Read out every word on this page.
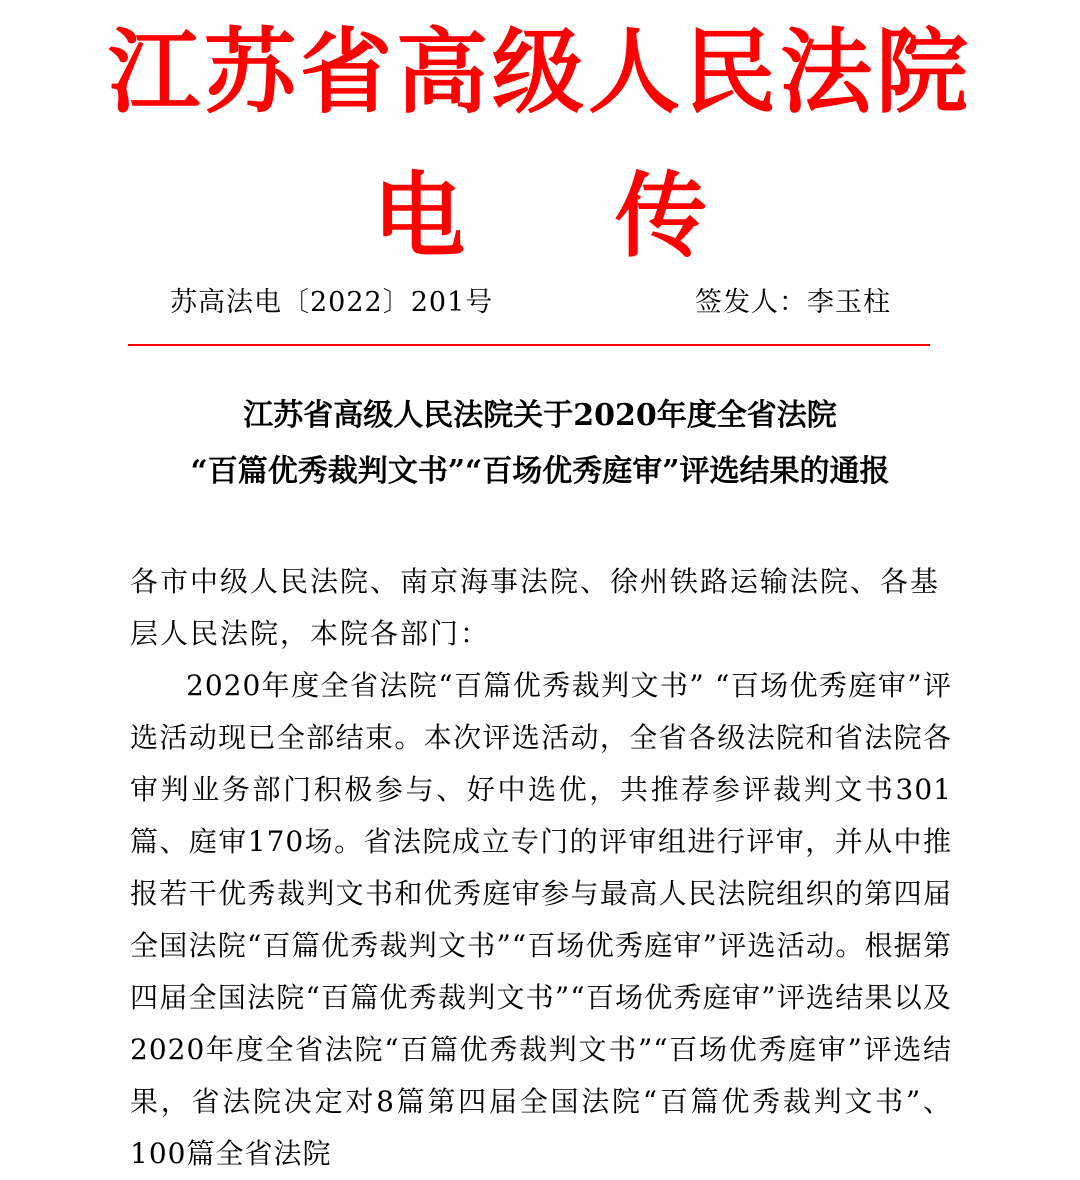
江苏省高级人民法院
电传
苏高法电〔2022〕201号	签发人：李玉柱
江苏省高级人民法院关于2020年度全省法院
“百篇优秀裁判文书”“百场优秀庭审”评选结果的通报
各市中级人民法院、南京海事法院、徐州铁路运输法院、各基层人民法院，本院各部门：
2020年度全省法院“百篇优秀裁判文书” “百场优秀庭审”评选活动现已全部结束。本次评选活动，全省各级法院和省法院各审判业务部门积极参与、好中选优，共推荐参评裁判文书301篇、庭审170场。省法院成立专门的评审组进行评审，并从中推报若干优秀裁判文书和优秀庭审参与最高人民法院组织的第四届全国法院“百篇优秀裁判文书”“百场优秀庭审”评选活动。根据第四届全国法院“百篇优秀裁判文书”“百场优秀庭审”评选结果以及2020年度全省法院“百篇优秀裁判文书”“百场优秀庭审”评选结果，省法院决定对8篇第四届全国法院“百篇优秀裁判文书”、100篇全省法院
